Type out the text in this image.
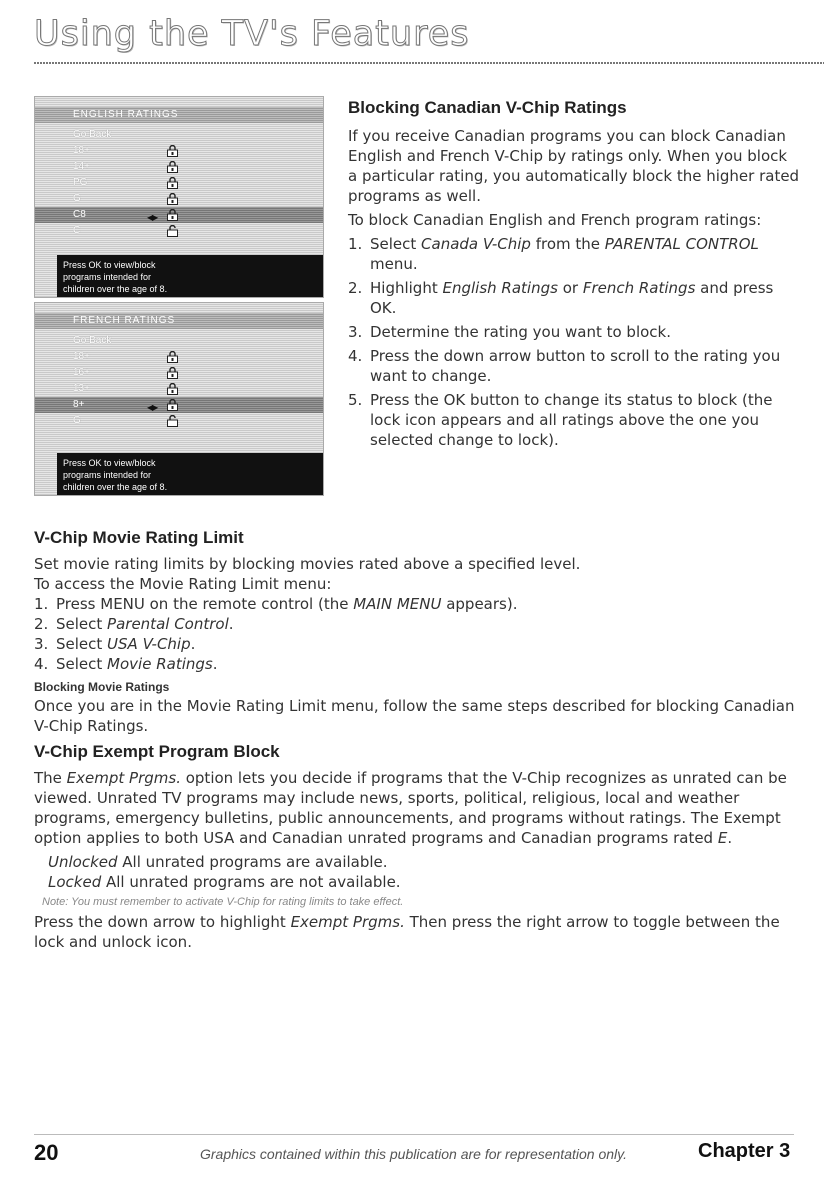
Using the TV's Features
ENGLISH RATINGS
Go Back
18+
14+
PG
G
C8	◀▶
C
Press OK to view/block
programs intended for
children over the age of 8.
FRENCH RATINGS
Go Back
18+
16+
13+
8+	◀▶
G
Press OK to view/block
programs intended for
children over the age of 8.
Blocking Canadian V-Chip Ratings
If you receive Canadian programs you can block Canadian English and French V-Chip by ratings only. When you block a particular rating, you automatically block the higher rated programs as well.
To block Canadian English and French program ratings:
1. Select Canada V-Chip from the PARENTAL CONTROL menu.
2. Highlight English Ratings or French Ratings and press OK.
3. Determine the rating you want to block.
4. Press the down arrow button to scroll to the rating you want to change.
5. Press the OK button to change its status to block (the lock icon appears and all ratings above the one you selected change to lock).
V-Chip Movie Rating Limit
Set movie rating limits by blocking movies rated above a specified level.
To access the Movie Rating Limit menu:
1. Press MENU on the remote control (the MAIN MENU appears).
2. Select Parental Control.
3. Select USA V-Chip.
4. Select Movie Ratings.
Blocking Movie Ratings
Once you are in the Movie Rating Limit menu, follow the same steps described for blocking Canadian V-Chip Ratings.
V-Chip Exempt Program Block
The Exempt Prgms. option lets you decide if programs that the V-Chip recognizes as unrated can be viewed. Unrated TV programs may include news, sports, political, religious, local and weather programs, emergency bulletins, public announcements, and programs without ratings. The Exempt option applies to both USA and Canadian unrated programs and Canadian programs rated E.
Unlocked All unrated programs are available.
Locked All unrated programs are not available.
Note: You must remember to activate V-Chip for rating limits to take effect.
Press the down arrow to highlight Exempt Prgms. Then press the right arrow to toggle between the lock and unlock icon.
20	Graphics contained within this publication are for representation only.	Chapter 3
